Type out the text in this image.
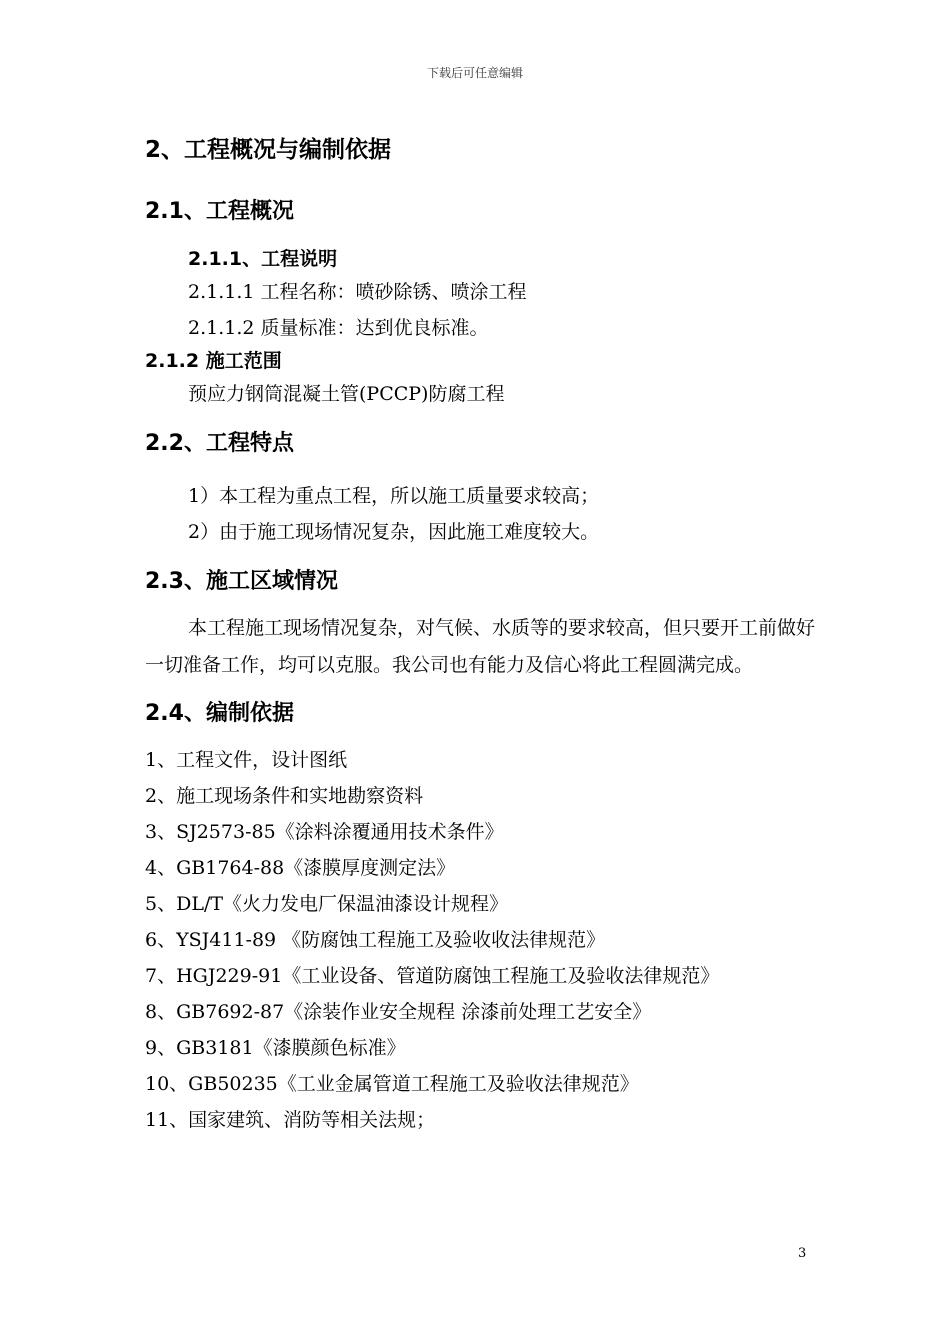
下载后可任意编辑
2、工程概况与编制依据
2.1、工程概况
2.1.1、工程说明
2.1.1.1 工程名称：喷砂除锈、喷涂工程
2.1.1.2 质量标准：达到优良标准。
2.1.2 施工范围
预应力钢筒混凝土管(PCCP)防腐工程
2.2、工程特点
1）本工程为重点工程，所以施工质量要求较高；
2）由于施工现场情况复杂，因此施工难度较大。
2.3、施工区域情况
本工程施工现场情况复杂，对气候、水质等的要求较高，但只要开工前做好一切准备工作，均可以克服。我公司也有能力及信心将此工程圆满完成。
2.4、编制依据
1、工程文件，设计图纸
2、施工现场条件和实地勘察资料
3、SJ2573-85《涂料涂覆通用技术条件》
4、GB1764-88《漆膜厚度测定法》
5、DL/T《火力发电厂保温油漆设计规程》
6、YSJ411-89 《防腐蚀工程施工及验收收法律规范》
7、HGJ229-91《工业设备、管道防腐蚀工程施工及验收法律规范》
8、GB7692-87《涂装作业安全规程 涂漆前处理工艺安全》
9、GB3181《漆膜颜色标准》
10、GB50235《工业金属管道工程施工及验收法律规范》
11、国家建筑、消防等相关法规；
3
